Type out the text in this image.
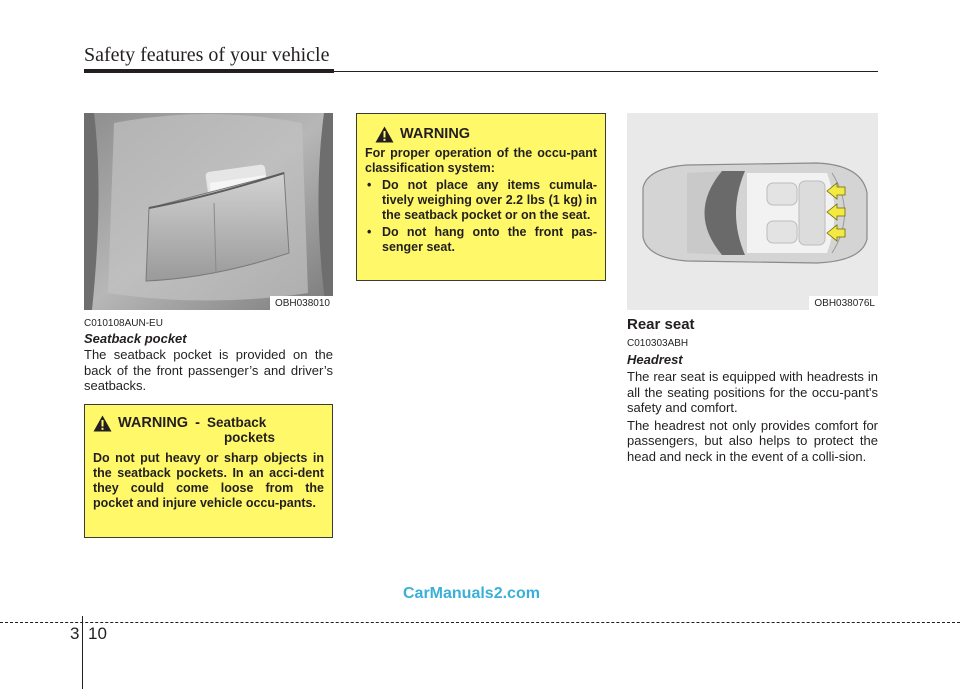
Safety features of your vehicle
OBH038010
C010108AUN-EU
Seatback pocket
The seatback pocket is provided on the back of the front passenger’s and driver’s seatbacks.
WARNING - Seatback
pockets
Do not put heavy or sharp objects in the seatback pockets. In an acci-dent they could come loose from the pocket and injure vehicle occu-pants.
WARNING
For proper operation of the occu-pant classification system:
• Do not place any items cumula-tively weighing over 2.2 lbs (1 kg) in the seatback pocket or on the seat.
• Do not hang onto the front pas-senger seat.
OBH038076L
Rear seat
C010303ABH
Headrest

The rear seat is equipped with headrests in all the seating positions for the occu-pant's safety and comfort.

The headrest not only provides comfort for passengers, but also helps to protect the head and neck in the event of a colli-sion.

CarManuals2.com
3 10
